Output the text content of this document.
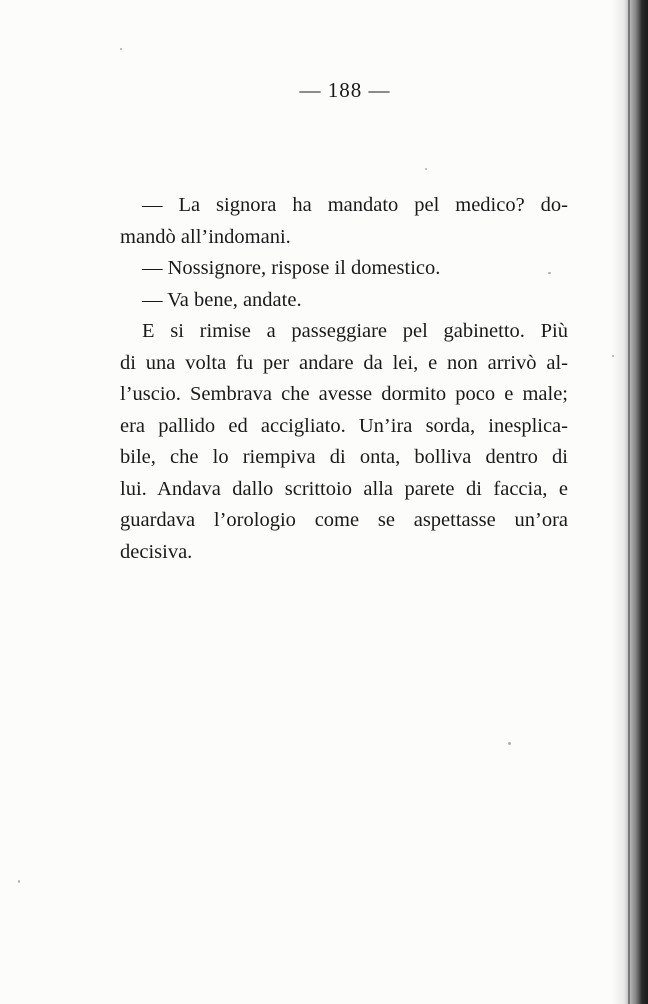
— 188 —
— La signora ha mandato pel medico? do-
mandò all’indomani.
— Nossignore, rispose il domestico.
— Va bene, andate.
E si rimise a passeggiare pel gabinetto. Più
di una volta fu per andare da lei, e non arrivò al-
l’uscio. Sembrava che avesse dormito poco e male;
era pallido ed accigliato. Un’ira sorda, inesplica-
bile, che lo riempiva di onta, bolliva dentro di
lui. Andava dallo scrittoio alla parete di faccia, e
guardava l’orologio come se aspettasse un’ora
decisiva.
